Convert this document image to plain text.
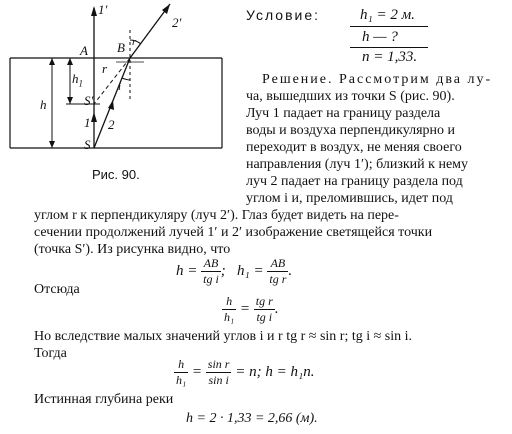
1'
2'
A B r
r
$h_1$
h	S'
i
1 2
S
Рис. 90.
Условие:	h₁ = 2 м.
h — ?
n = 1,33.
Решение. Рассмотрим два лу-
ча, вышедших из точки S (рис. 90).
Луч 1 падает на границу раздела
воды и воздуха перпендикулярно и
переходит в воздух, не меняя своего
направления (луч 1′); близкий к нему
луч 2 падает на границу раздела под
углом i и, преломившись, идет под
углом r к перпендикуляру (луч 2′). Глаз будет видеть на пере-
сечении продолжений лучей 1′ и 2′ изображение светящейся точки
(точка S′). Из рисунка видно, что
$h = \frac{AB}{\text{tg i}}$ ;   $h_1 = \frac{AB}{\text{tg r}}$ .
Отсюда
$\frac{h}{\text{h₁}} = \frac{\text{tg r}}{\text{tg i}}$ .
Но вследствие малых значений углов i и r tg r ≈ sin r; tg i ≈ sin i.
Тогда
$\frac{h}{\text{h₁}} = \frac{\text{sin r}}{\text{sin i}} = n$; h = h₁n.
Истинная глубина реки
h = 2 · 1,33 = 2,66 (м).
